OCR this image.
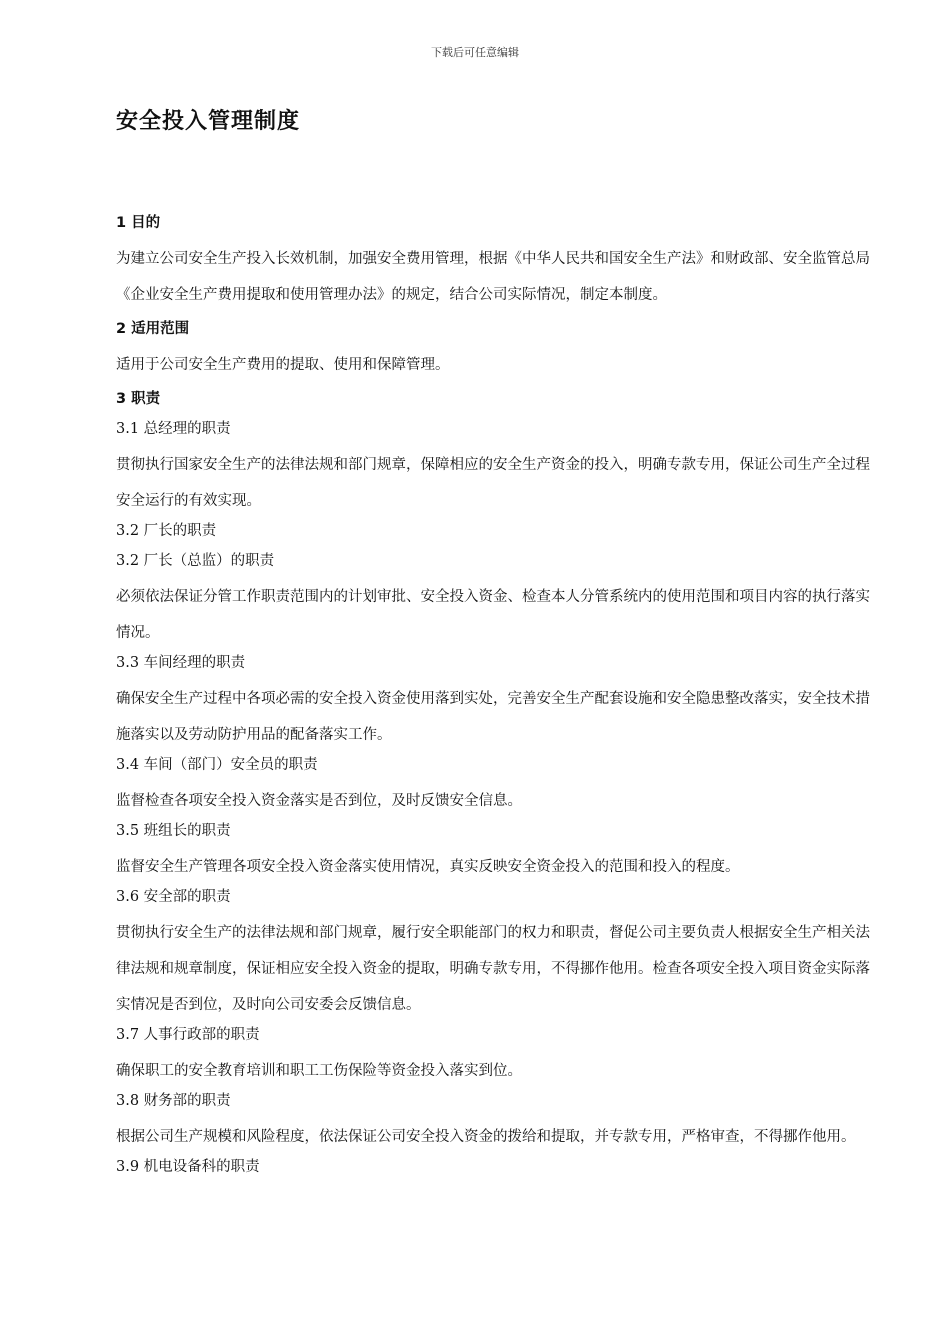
下载后可任意编辑
安全投入管理制度
1 目的
为建立公司安全生产投入长效机制，加强安全费用管理，根据《中华人民共和国安全生产法》和财政部、安全监管总局《企业安全生产费用提取和使用管理办法》的规定，结合公司实际情况，制定本制度。
2 适用范围
适用于公司安全生产费用的提取、使用和保障管理。
3 职责
3.1 总经理的职责
贯彻执行国家安全生产的法律法规和部门规章，保障相应的安全生产资金的投入，明确专款专用，保证公司生产全过程安全运行的有效实现。
3.2 厂长的职责
3.2 厂长（总监）的职责
必须依法保证分管工作职责范围内的计划审批、安全投入资金、检查本人分管系统内的使用范围和项目内容的执行落实情况。
3.3 车间经理的职责
确保安全生产过程中各项必需的安全投入资金使用落到实处，完善安全生产配套设施和安全隐患整改落实，安全技术措施落实以及劳动防护用品的配备落实工作。
3.4 车间（部门）安全员的职责
监督检查各项安全投入资金落实是否到位，及时反馈安全信息。
3.5 班组长的职责
监督安全生产管理各项安全投入资金落实使用情况，真实反映安全资金投入的范围和投入的程度。
3.6 安全部的职责
贯彻执行安全生产的法律法规和部门规章，履行安全职能部门的权力和职责，督促公司主要负责人根据安全生产相关法律法规和规章制度，保证相应安全投入资金的提取，明确专款专用，不得挪作他用。检查各项安全投入项目资金实际落实情况是否到位，及时向公司安委会反馈信息。
3.7 人事行政部的职责
确保职工的安全教育培训和职工工伤保险等资金投入落实到位。
3.8 财务部的职责
根据公司生产规模和风险程度，依法保证公司安全投入资金的拨给和提取，并专款专用，严格审查，不得挪作他用。
3.9 机电设备科的职责
